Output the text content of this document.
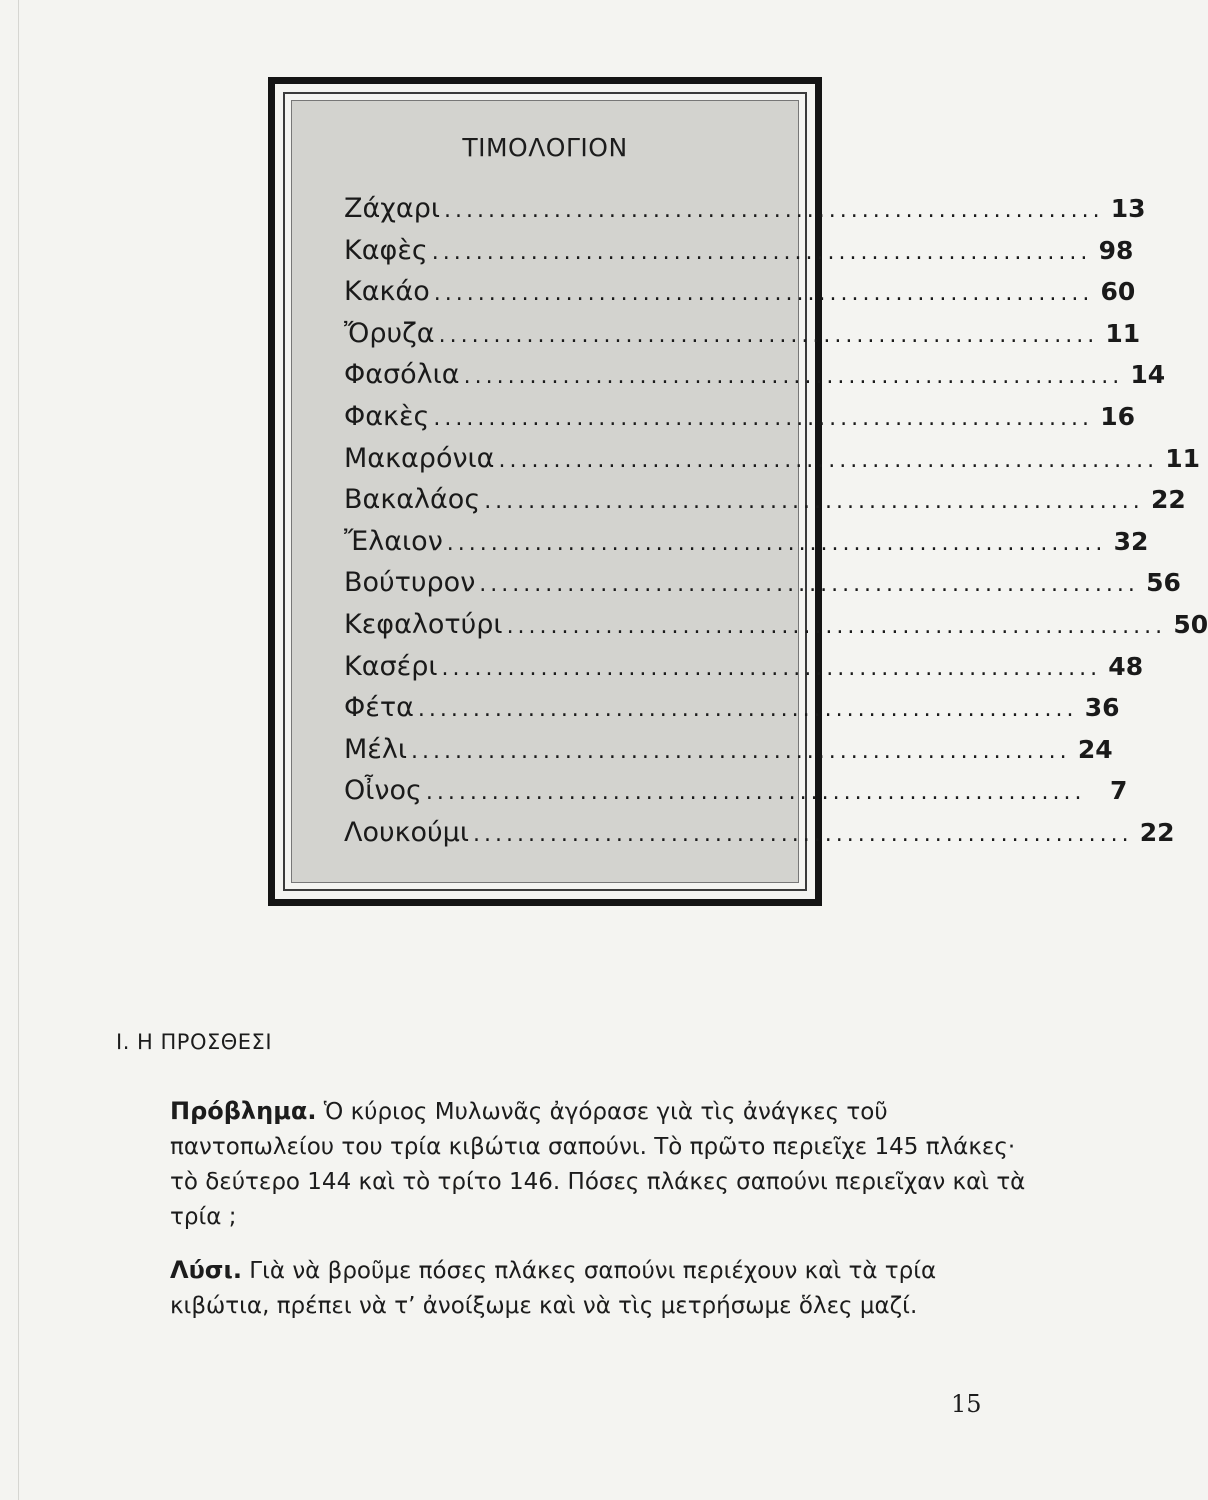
ΤΙΜΟΛΟΓΙΟΝ
Ζάχαρι ............................................................ 13
Καφὲς ............................................................ 98
Κακάο ............................................................ 60
Ὄρυζα ............................................................ 11
Φασόλια ............................................................ 14
Φακὲς ............................................................ 16
Μακαρόνια ............................................................ 11
Βακαλάος ............................................................ 22
Ἔλαιον ............................................................ 32
Βούτυρον ............................................................ 56
Κεφαλοτύρι ............................................................ 50
Κασέρι ............................................................ 48
Φέτα ............................................................ 36
Μέλι ............................................................ 24
Οἶνος ............................................................ 7
Λουκούμι ............................................................ 22
Ι. Η ΠΡΟΣΘΕΣΙ

Πρόβλημα. Ὁ κύριος Μυλωνᾶς ἀγόρασε γιὰ τὶς ἀνάγκες τοῦ παντοπωλείου του τρία κιβώτια σαπούνι. Τὸ πρῶτο περιεῖχε 145 πλάκες· τὸ δεύτερο 144 καὶ τὸ τρίτο 146. Πόσες πλάκες σαπούνι περιεῖχαν καὶ τὰ τρία ;

Λύσι. Γιὰ νὰ βροῦμε πόσες πλάκες σαπούνι περιέχουν καὶ τὰ τρία κιβώτια, πρέπει νὰ τ’ ἀνοίξωμε καὶ νὰ τὶς μετρήσωμε ὅλες μαζί.

15
